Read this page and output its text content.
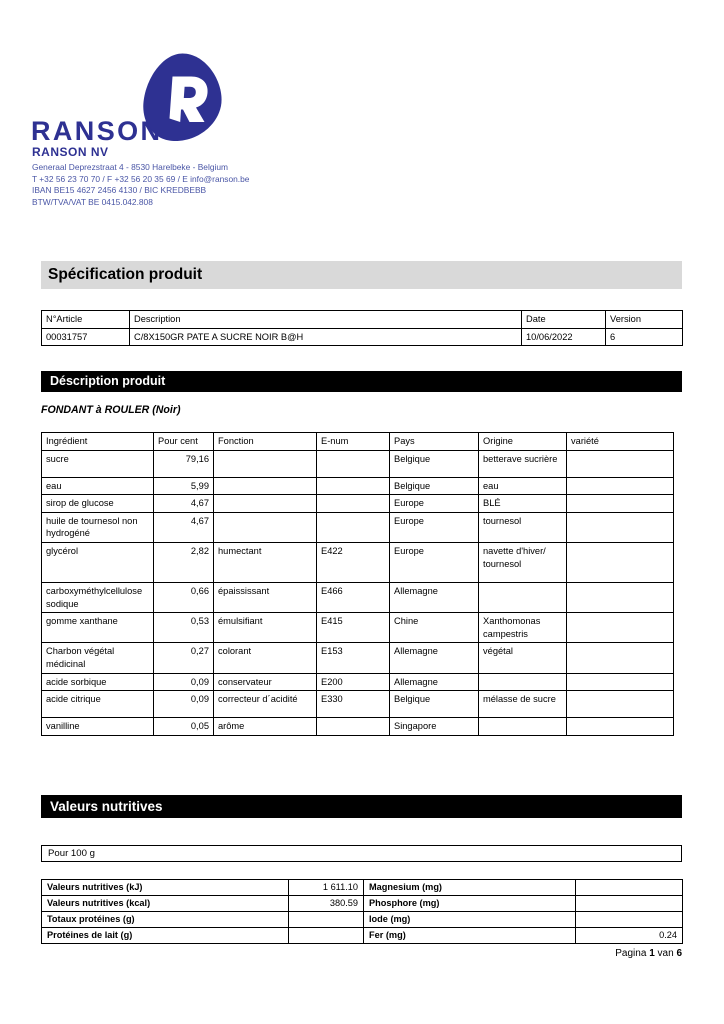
RANSON
RANSON NV
Generaal Deprezstraat 4 - 8530 Harelbeke - Belgium
T +32 56 23 70 70 / F +32 56 20 35 69 / E info@ranson.be
IBAN BE15 4627 2456 4130 / BIC KREDBEBB
BTW/TVA/VAT BE 0415.042.808
Spécification produit
N°Article	Description	Date	Version
00031757	C/8X150GR PATE A SUCRE NOIR B@H	10/06/2022	6
Déscription produit
FONDANT à ROULER (Noir)
Ingrédient	Pour cent	Fonction	E-num	Pays	Origine	variété
sucre	79,16			Belgique	betterave sucrière	
eau	5,99			Belgique	eau	
sirop de glucose	4,67			Europe	BLÉ	
huile de tournesol non hydrogéné	4,67			Europe	tournesol	
glycérol	2,82	humectant	E422	Europe	navette d'hiver/ tournesol	
carboxyméthylcellulose sodique	0,66	épaississant	E466	Allemagne		
gomme xanthane	0,53	émulsifiant	E415	Chine	Xanthomonas campestris	
Charbon végétal médicinal	0,27	colorant	E153	Allemagne	végétal	
acide sorbique	0,09	conservateur	E200	Allemagne		
acide citrique	0,09	correcteur d´acidité	E330	Belgique	mélasse de sucre	
vanilline	0,05	arôme		Singapore		
Valeurs nutritives
Pour 100 g
Valeurs nutritives (kJ)	1 611.10	Magnesium (mg)	
Valeurs nutritives (kcal)	380.59	Phosphore (mg)	
Totaux protéines (g)		Iode (mg)	
Protéines de lait (g)		Fer (mg)	0.24
Pagina 1 van 6
